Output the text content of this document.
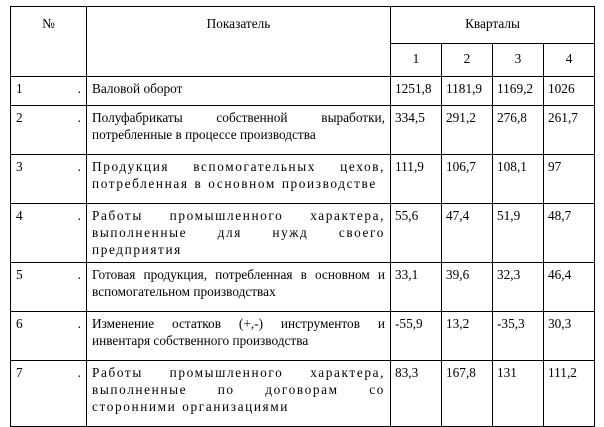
№	Показатель	Кварталы			
		1	2	3	4
1 .	Валовой оборот	1251,8	1181,9	1169,2	1026
2 .	Полуфабрикаты собственной выработки, потребленные в процессе производства	334,5	291,2	276,8	261,7
3 .	Продукция вспомогательных цехов, потребленная в основном производстве	111,9	106,7	108,1	97
4 .	Работы промышленного характера, выполненные для нужд своего предприятия	55,6	47,4	51,9	48,7
5 .	Готовая продукция, потребленная в основном и вспомогательном производствах	33,1	39,6	32,3	46,4
6 .	Изменение остатков (+,-) инструментов и инвентаря собственного производства	-55,9	13,2	-35,3	30,3
7 .	Работы промышленного характера, выполненные по договорам со сторонними организациями	83,3	167,8	131	111,2
